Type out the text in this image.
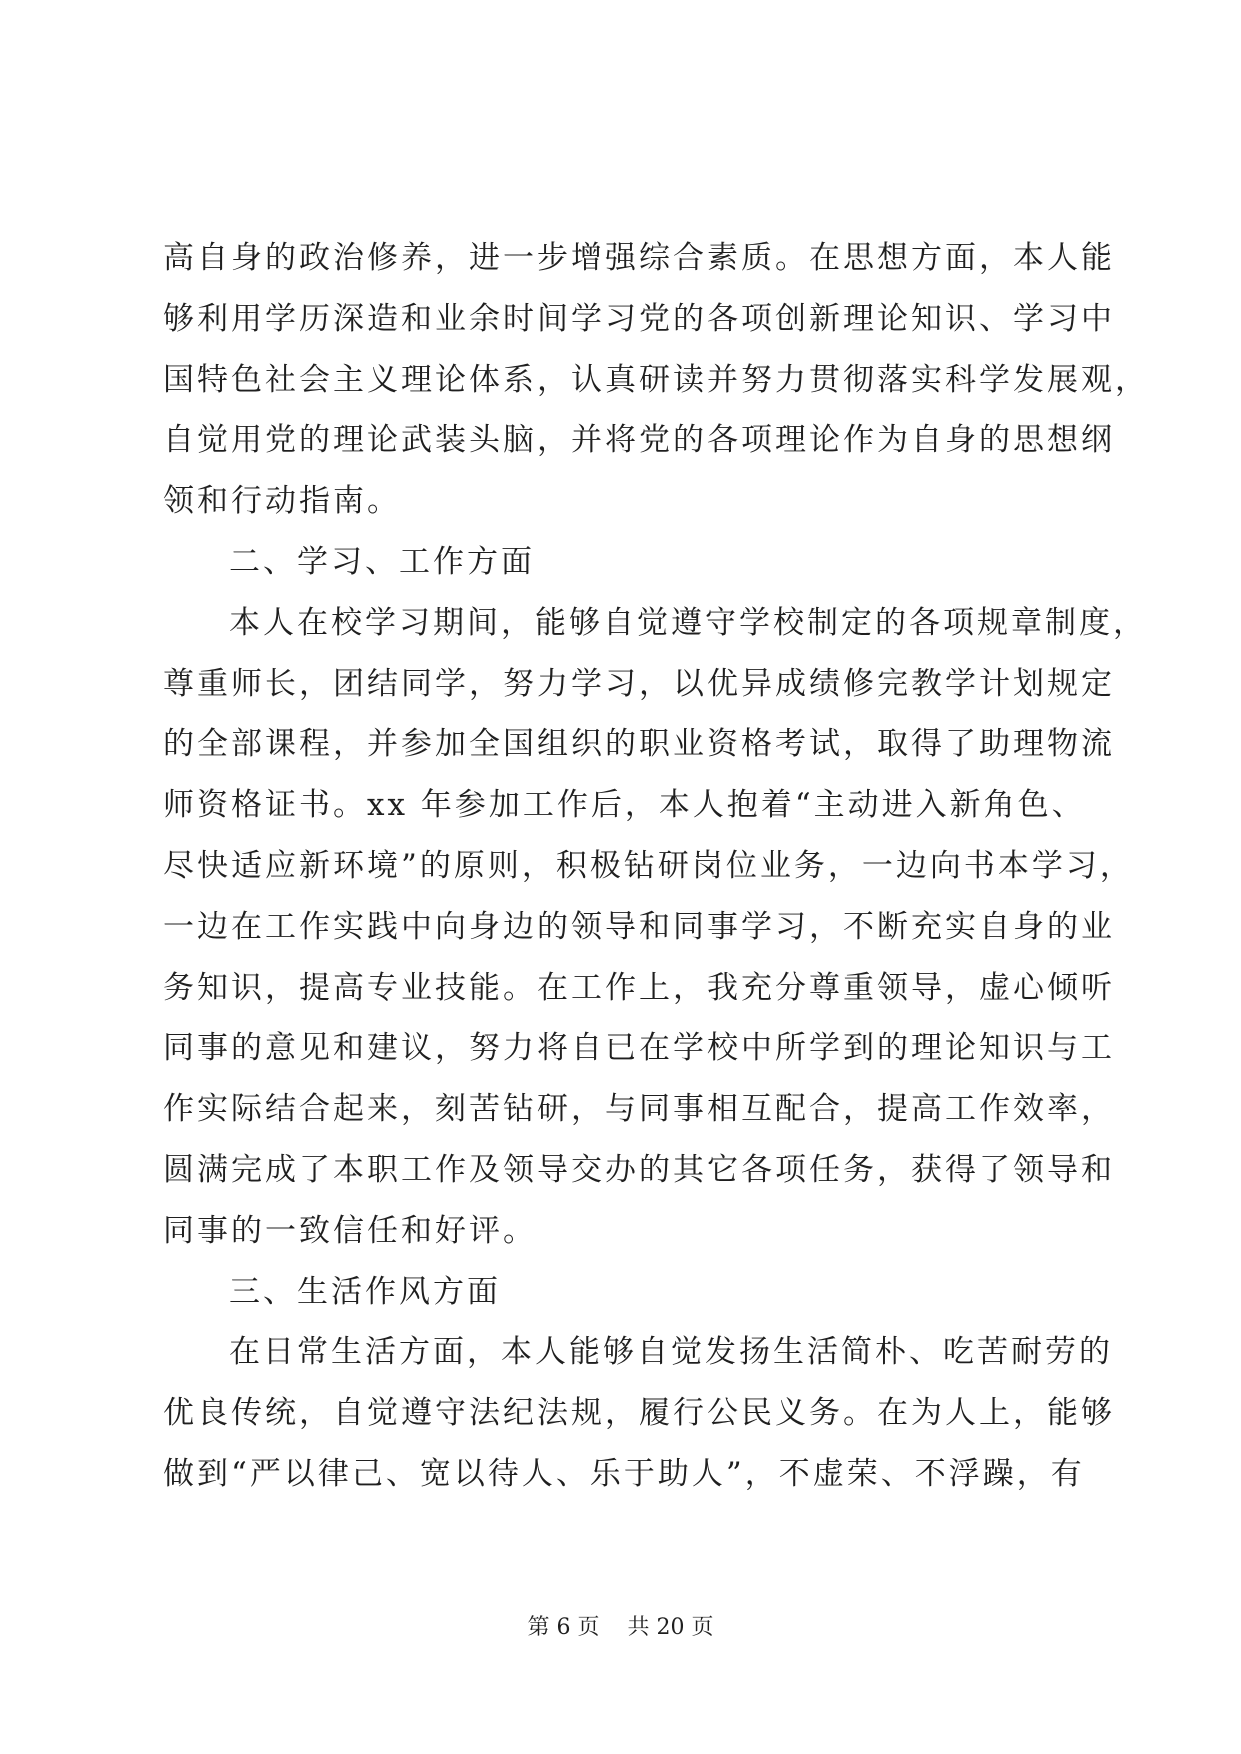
高自身的政治修养，进一步增强综合素质。在思想方面，本人能

够利用学历深造和业余时间学习党的各项创新理论知识、学习中

国特色社会主义理论体系，认真研读并努力贯彻落实科学发展观，

自觉用党的理论武装头脑，并将党的各项理论作为自身的思想纲

领和行动指南。

二、学习、工作方面

本人在校学习期间，能够自觉遵守学校制定的各项规章制度，

尊重师长，团结同学，努力学习，以优异成绩修完教学计划规定

的全部课程，并参加全国组织的职业资格考试，取得了助理物流

师资格证书。xx 年参加工作后，本人抱着“主动进入新角色、

尽快适应新环境”的原则，积极钻研岗位业务，一边向书本学习，

一边在工作实践中向身边的领导和同事学习，不断充实自身的业

务知识，提高专业技能。在工作上，我充分尊重领导，虚心倾听

同事的意见和建议，努力将自已在学校中所学到的理论知识与工

作实际结合起来，刻苦钻研，与同事相互配合，提高工作效率，

圆满完成了本职工作及领导交办的其它各项任务，获得了领导和

同事的一致信任和好评。

三、生活作风方面

在日常生活方面，本人能够自觉发扬生活简朴、吃苦耐劳的

优良传统，自觉遵守法纪法规，履行公民义务。在为人上，能够

做到“严以律己、宽以待人、乐于助人”，不虚荣、不浮躁，有

第 6 页 共 20 页
